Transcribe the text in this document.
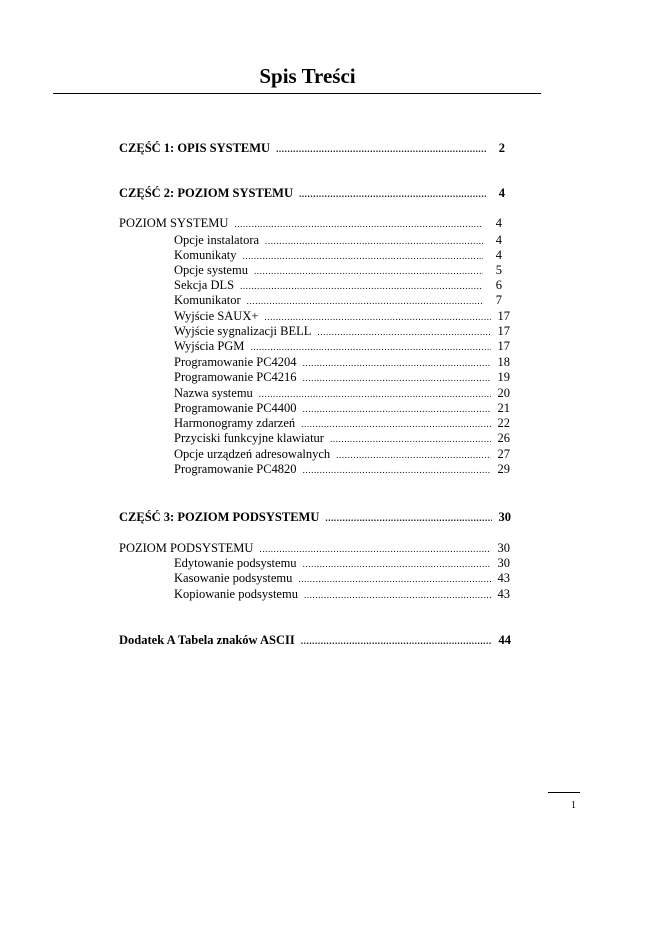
Spis Treści
CZĘŚĆ 1: OPIS SYSTEMU .....	2
CZĘŚĆ 2: POZIOM SYSTEMU .....	4
POZIOM SYSTEMU .....	4
Opcje instalatora .....	4
Komunikaty .....	4
Opcje systemu .....	5
Sekcja DLS .....	6
Komunikator .....	7
Wyjście SAUX+ .....	17
Wyjście sygnalizacji BELL .....	17
Wyjścia PGM .....	17
Programowanie PC4204 .....	18
Programowanie PC4216 .....	19
Nazwa systemu .....	20
Programowanie PC4400 .....	21
Harmonogramy zdarzeń .....	22
Przyciski funkcyjne klawiatur .....	26
Opcje urządzeń adresowalnych .....	27
Programowanie PC4820 .....	29
CZĘŚĆ 3: POZIOM PODSYSTEMU .....	30
POZIOM PODSYSTEMU .....	30
Edytowanie podsystemu .....	30
Kasowanie podsystemu .....	43
Kopiowanie podsystemu .....	43
Dodatek A Tabela znaków ASCII .....	44
1
